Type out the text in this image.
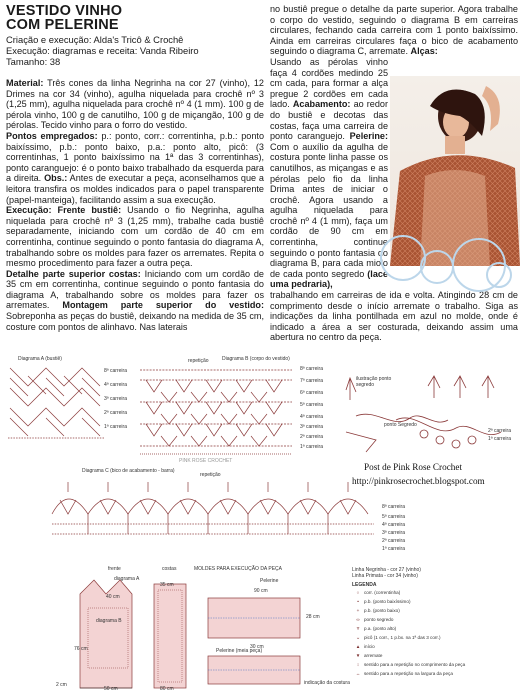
VESTIDO VINHO
COM PELERINE
Criação e execução: Alda's Tricô & Crochê
Execução: diagramas e receita: Vanda Ribeiro
Tamanho: 38
Material: Três cones da linha Negrinha na cor 27 (vinho), 12 Drimes na cor 34 (vinho), agulha niquelada para crochê nº 3 (1,25 mm), agulha niquelada para crochê nº 4 (1 mm). 100 g de pérola vinho, 100 g de canutilho, 100 g de miçangão, 100 g de pérolas. Tecido vinho para o forro do vestido.
Pontos empregados: p.: ponto, corr.: correntinha, p.b.: ponto baixíssimo, p.b.: ponto baixo, p.a.: ponto alto, picô: (3 correntinhas, 1 ponto baixíssimo na 1ª das 3 correntinhas), ponto caranguejo: é o ponto baixo trabalhado da esquerda para a direita. Obs.: Antes de executar a peça, aconselhamos que a leitora transfira os moldes indicados para o papel transparente (papel-manteiga), facilitando assim a sua execução.
Execução: Frente bustiê: Usando o fio Negrinha, agulha niquelada para crochê nº 3 (1,25 mm), trabalhe cada bustiê separadamente, iniciando com um cordão de 40 cm em correntinha, continue seguindo o ponto fantasia do diagrama A, trabalhando sobre os moldes para fazer os arremates. Repita o mesmo procedimento para fazer a outra peça.
Detalhe parte superior costas: Iniciando com um cordão de 35 cm em correntinha, continue seguindo o ponto fantasia do diagrama A, trabalhando sobre os moldes para fazer os arremates. Montagem parte superior do vestido: Sobreponha as peças do bustiê, deixando na medida de 35 cm, costure com pontos de alinhavo. Nas laterais
no bustiê pregue o detalhe da parte superior. Agora trabalhe o corpo do vestido, seguindo o diagrama B em carreiras circulares, fechando cada carreira com 1 ponto baixíssimo. Ainda em carreiras circulares faça o bico de acabamento seguindo o diagrama C, arremate. Alças:
Usando as pérolas vinho faça 4 cordões medindo 25 cm cada, para formar a alça pregue 2 cordões em cada lado. Acabamento: ao redor do bustiê e decotas das costas, faça uma carreira de ponto caranguejo. Pelerine: Com o auxílio da agulha de costura ponte linha passe os canutilhos, as miçangas e as pérolas pelo fio da linha Drima antes de iniciar o crochê. Agora usando a agulha niquelada para crochê nº 4 (1 mm), faça um cordão de 90 cm em correntinha, continue seguindo o ponto fantasia do diagrama B, para cada miolo de cada ponto segredo (lace uma pedraria),
trabalhando em carreiras de ida e volta. Atingindo 28 cm de comprimento desde o início arremate o trabalho. Siga as indicações da linha pontilhada em azul no molde, onde é indicado a área a ser costurada, deixando assim uma abertura no centro da peça.
Diagrama A (bustiê)
8ª carreira
4ª carreira
3ª carreira
2ª carreira
1ª carreira
Diagrama B (corpo do vestido)
repetição
8ª carreira
7ª carreira
6ª carreira
5ª carreira
4ª carreira
3ª carreira
2ª carreira
1ª carreira
PINK ROSE CROCHET
ilustração ponto segredo
ponto Segredo
2ª carreira
1ª carreira
Post de Pink Rose Crochet
http://pinkrosecrochet.blogspot.com
Diagrama C (bico de acabamento - barra)
repetição
8ª carreira
5ª carreira
4ª carreira
3ª carreira
2ª carreira
1ª carreira
frente	costas	MOLDES PARA EXECUÇÃO DA PEÇA
diagrama A
diagrama B
40 cm
76 cm
35 cm
80 cm
50 cm
2 cm
Pelerine
90 cm
28 cm
Pelerine (meia peça)
30 cm
indicação da costura
Linha Negrinha - cor 27 (vinho)
Linha Primata - cor 34 (vinho)
LEGENDA
○ corr. (correntinha)
• p.b. (ponto baixíssimo)
+ p.b. (ponto baixo)
∞ ponto segredo
Ŧ p.a. (ponto alto)
ᴗ picô (1 corr., 1 p.bx. na 1ª das 3 corr.)
▲ início
▼ arremate
↕ sentido para a repetição no comprimento da peça
↔ sentido para a repetição na largura da peça
